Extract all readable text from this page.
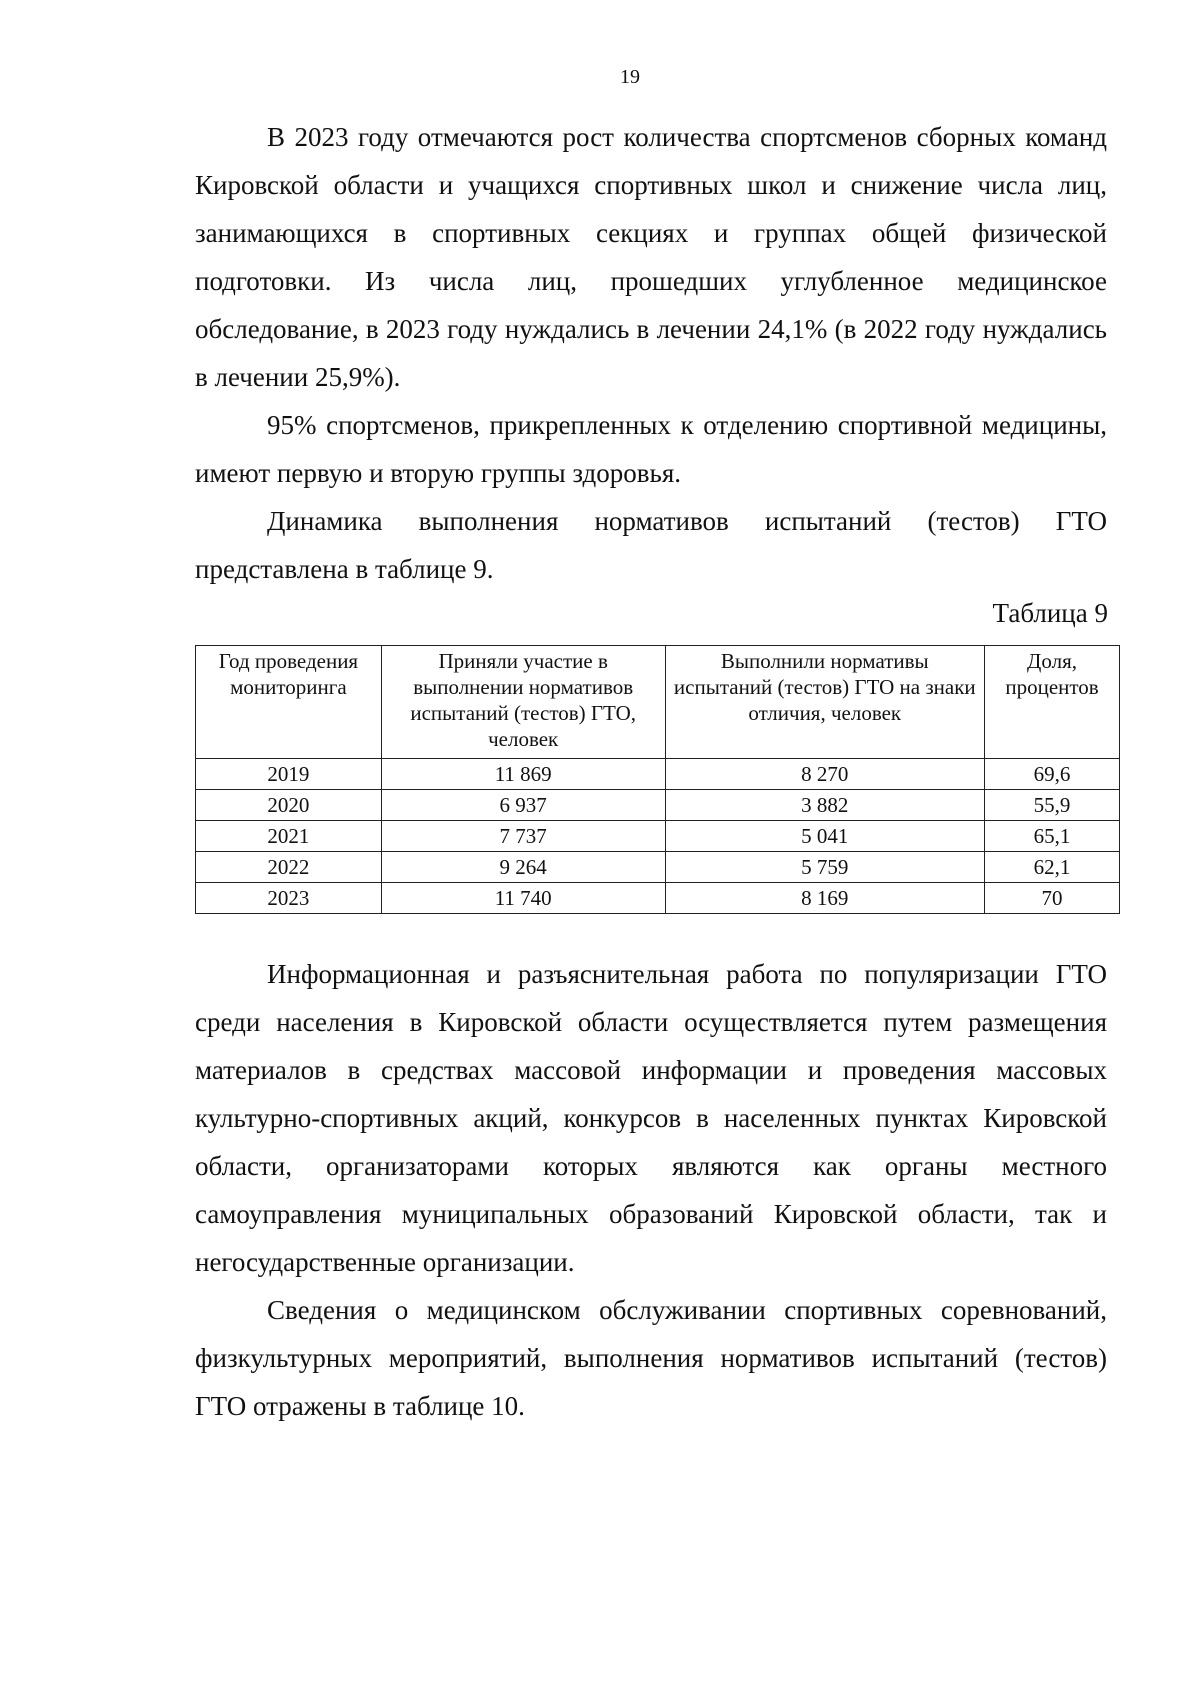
19

В 2023 году отмечаются рост количества спортсменов сборных команд Кировской области и учащихся спортивных школ и снижение числа лиц, занимающихся в спортивных секциях и группах общей физической подготовки. Из числа лиц, прошедших углубленное медицинское обследование, в 2023 году нуждались в лечении 24,1% (в 2022 году нуждались в лечении 25,9%).

95% спортсменов, прикрепленных к отделению спортивной медицины, имеют первую и вторую группы здоровья.

Динамика выполнения нормативов испытаний (тестов) ГТО представлена в таблице 9.

Таблица 9
Год проведения мониторинга	Приняли участие в выполнении нормативов испытаний (тестов) ГТО, человек	Выполнили нормативы испытаний (тестов) ГТО на знаки отличия, человек	Доля, процентов
2019	11 869	8 270	69,6
2020	6 937	3 882	55,9
2021	7 737	5 041	65,1
2022	9 264	5 759	62,1
2023	11 740	8 169	70

Информационная и разъяснительная работа по популяризации ГТО среди населения в Кировской области осуществляется путем размещения материалов в средствах массовой информации и проведения массовых культурно-спортивных акций, конкурсов в населенных пунктах Кировской области, организаторами которых являются как органы местного самоуправления муниципальных образований Кировской области, так и негосударственные организации.

Сведения о медицинском обслуживании спортивных соревнований, физкультурных мероприятий, выполнения нормативов испытаний (тестов) ГТО отражены в таблице 10.
